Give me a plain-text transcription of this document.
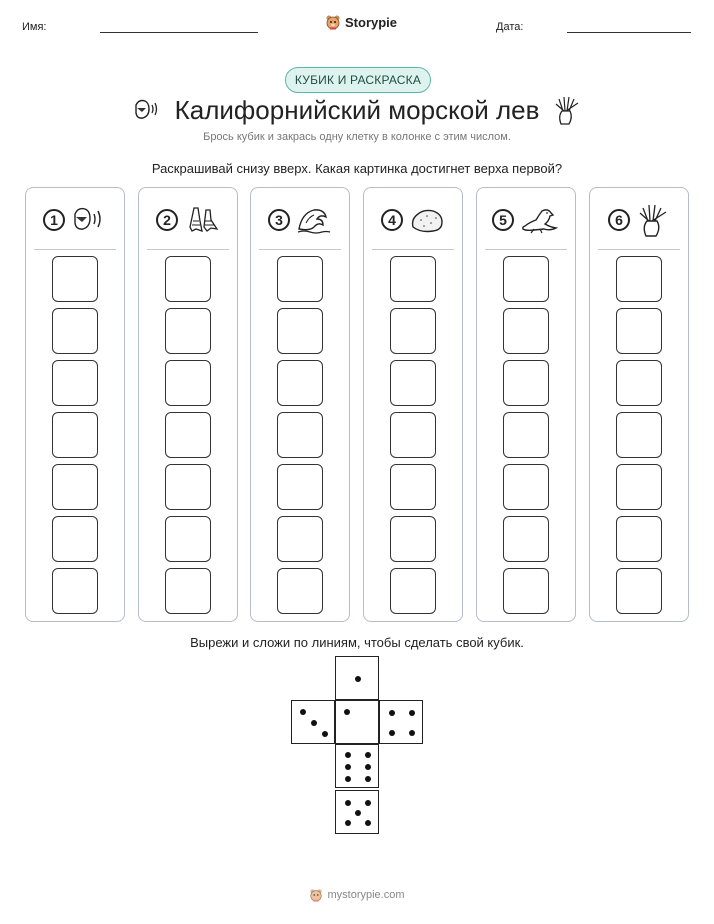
Имя:	Storypie	Дата:
КУБИК И РАСКРАСКА
Калифорнийский морской лев
Брось кубик и закрась одну клетку в колонке с этим числом.
Раскрашивай снизу вверх. Какая картинка достигнет верха первой?
1	2	3	4	5	6
Вырежи и сложи по линиям, чтобы сделать свой кубик.
mystorypie.com
